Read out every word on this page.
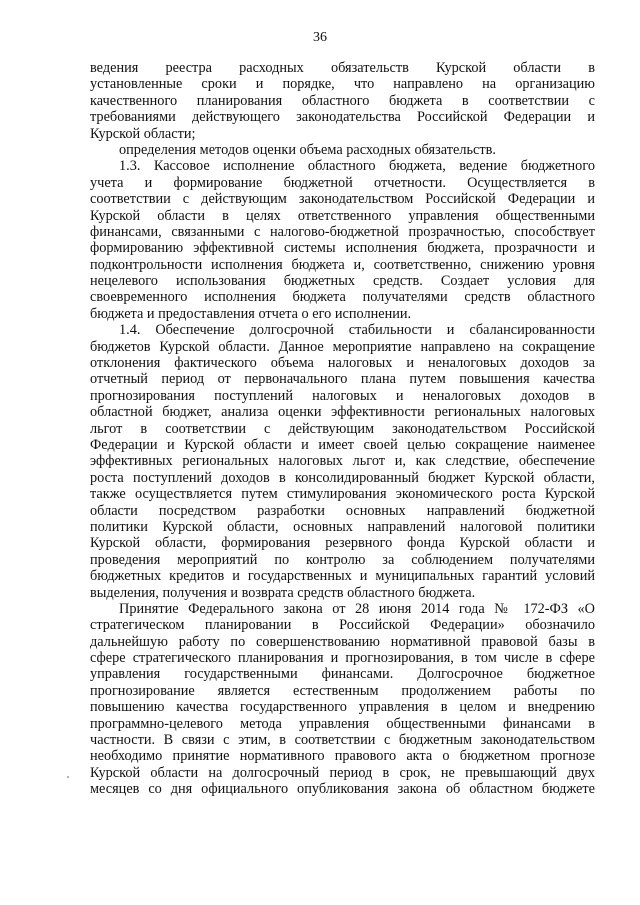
36
ведения реестра расходных обязательств Курской области в
установленные сроки и порядке, что направлено на организацию
качественного планирования областного бюджета в соответствии с
требованиями действующего законодательства Российской Федерации и
Курской области;
определения методов оценки объема расходных обязательств.
1.3. Кассовое исполнение областного бюджета, ведение бюджетного
учета и формирование бюджетной отчетности. Осуществляется в
соответствии с действующим законодательством Российской Федерации и
Курской области в целях ответственного управления общественными
финансами, связанными с налогово-бюджетной прозрачностью, способствует
формированию эффективной системы исполнения бюджета, прозрачности и
подконтрольности исполнения бюджета и, соответственно, снижению уровня
нецелевого использования бюджетных средств. Создает условия для
своевременного исполнения бюджета получателями средств областного
бюджета и предоставления отчета о его исполнении.
1.4. Обеспечение долгосрочной стабильности и сбалансированности
бюджетов Курской области. Данное мероприятие направлено на сокращение
отклонения фактического объема налоговых и неналоговых доходов за
отчетный период от первоначального плана путем повышения качества
прогнозирования поступлений налоговых и неналоговых доходов в
областной бюджет, анализа оценки эффективности региональных налоговых
льгот в соответствии с действующим законодательством Российской
Федерации и Курской области и имеет своей целью сокращение наименее
эффективных региональных налоговых льгот и, как следствие, обеспечение
роста поступлений доходов в консолидированный бюджет Курской области,
также осуществляется путем стимулирования экономического роста Курской
области посредством разработки основных направлений бюджетной
политики Курской области, основных направлений налоговой политики
Курской области, формирования резервного фонда Курской области и
проведения мероприятий по контролю за соблюдением получателями
бюджетных кредитов и государственных и муниципальных гарантий условий
выделения, получения и возврата средств областного бюджета.
Принятие Федерального закона от 28 июня 2014 года № 172-ФЗ «О
стратегическом планировании в Российской Федерации» обозначило
дальнейшую работу по совершенствованию нормативной правовой базы в
сфере стратегического планирования и прогнозирования, в том числе в сфере
управления государственными финансами. Долгосрочное бюджетное
прогнозирование является естественным продолжением работы по
повышению качества государственного управления в целом и внедрению
программно-целевого метода управления общественными финансами в
частности. В связи с этим, в соответствии с бюджетным законодательством
необходимо принятие нормативного правового акта о бюджетном прогнозе
Курской области на долгосрочный период в срок, не превышающий двух
месяцев со дня официального опубликования закона об областном бюджете
